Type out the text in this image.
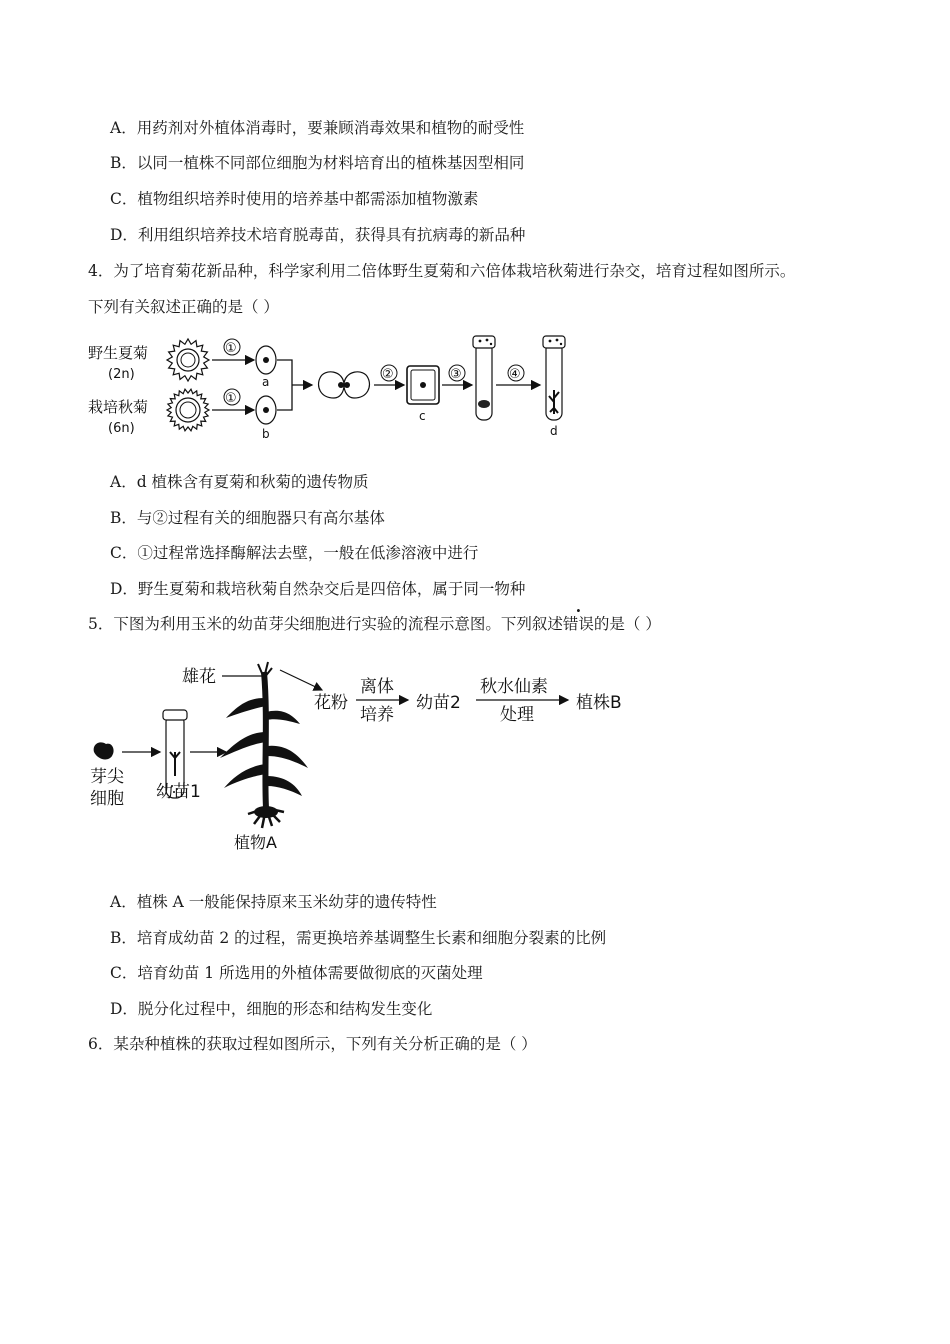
A．用药剂对外植体消毒时，要兼顾消毒效果和植物的耐受性
B．以同一植株不同部位细胞为材料培育出的植株基因型相同
C．植物组织培养时使用的培养基中都需添加植物激素
D．利用组织培养技术培育脱毒苗，获得具有抗病毒的新品种
4．为了培育菊花新品种，科学家利用二倍体野生夏菊和六倍体栽培秋菊进行杂交，培育过程如图所示。
下列有关叙述正确的是（ ）
野生夏菊
(2n)
栽培秋菊
(6n)
①
①
a
b
②
c
③	④
d
A．d 植株含有夏菊和秋菊的遗传物质
B．与②过程有关的细胞器只有高尔基体
C．①过程常选择酶解法去壁，一般在低渗溶液中进行
D．野生夏菊和栽培秋菊自然杂交后是四倍体，属于同一物种
5．下图为利用玉米的幼苗芽尖细胞进行实验的流程示意图。下列叙述错误的是（ ）
芽尖
细胞 幼苗1
植物A
雄花
花粉
离体
培养
幼苗2
秋水仙素
处理
植株B
A．植株 A 一般能保持原来玉米幼芽的遗传特性
B．培育成幼苗 2 的过程，需更换培养基调整生长素和细胞分裂素的比例
C．培育幼苗 1 所选用的外植体需要做彻底的灭菌处理
D．脱分化过程中，细胞的形态和结构发生变化
6．某杂种植株的获取过程如图所示，下列有关分析正确的是（ ）
